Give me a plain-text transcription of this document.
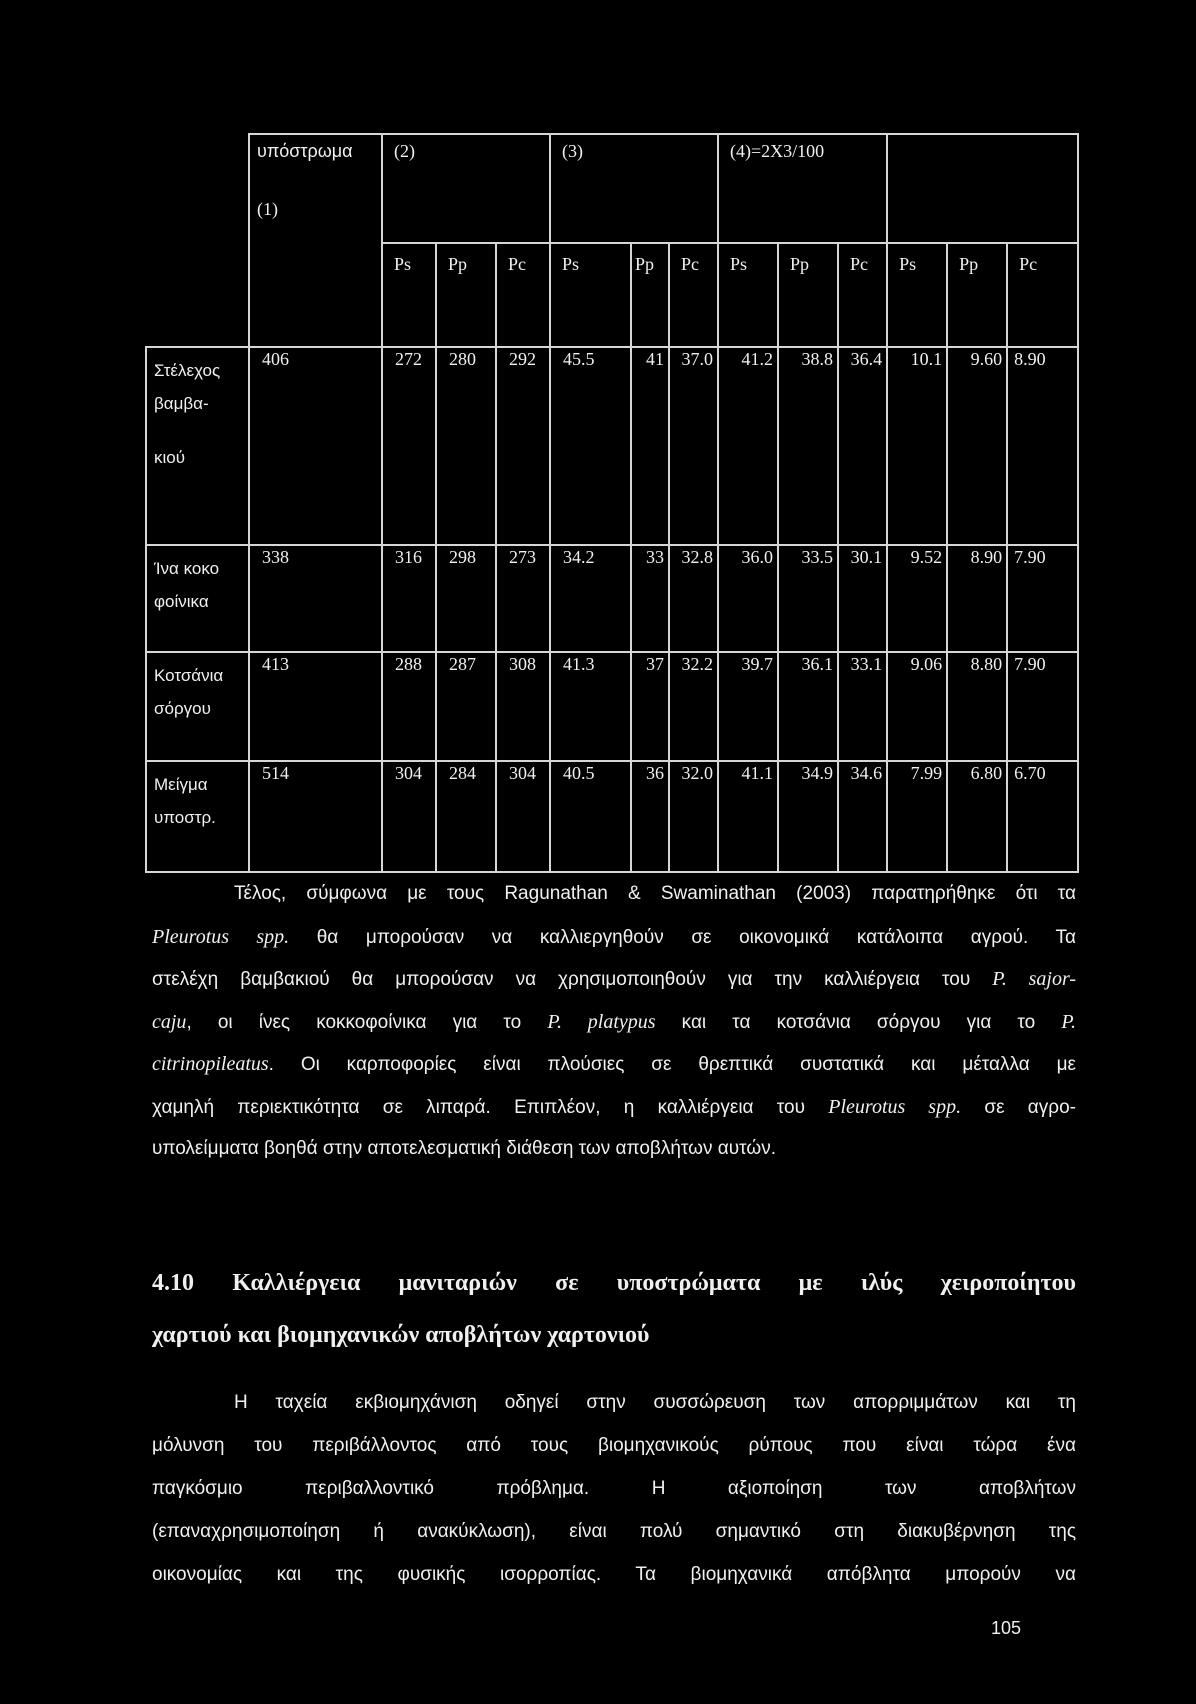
	υπόστρωμα
(1)	(2)			(3)			(4)=2X3/100					
		Ps	Pp	Pc	Ps	Pp	Pc	Ps	Pp	Pc	Ps	Pp	Pc

Στέλεχος
βαμβα-
κιού	406	272	280	292	45.5	41	37.0	41.2	38.8	36.4	10.1	9.60	8.90

Ίνα κοκο
φοίνικα	338	316	298	273	34.2	33	32.8	36.0	33.5	30.1	9.52	8.90	7.90

Κοτσάνια
σόργου	413	288	287	308	41.3	37	32.2	39.7	36.1	33.1	9.06	8.80	7.90

Μείγμα
υποστρ.	514	304	284	304	40.5	36	32.0	41.1	34.9	34.6	7.99	6.80	6.70
Τέλος, σύμφωνα με τους Ragunathan & Swaminathan (2003) παρατηρήθηκε ότι τα
Pleurotus spp. θα μπορούσαν να καλλιεργηθούν σε οικονομικά κατάλοιπα αγρού. Τα
στελέχη βαμβακιού θα μπορούσαν να χρησιμοποιηθούν για την καλλιέργεια του P. sajor-
caju, οι ίνες κοκκοφοίνικα για το P. platypus και τα κοτσάνια σόργου για το P.
citrinopileatus. Οι καρποφορίες είναι πλούσιες σε θρεπτικά συστατικά και μέταλλα με
χαμηλή περιεκτικότητα σε λιπαρά. Επιπλέον, η καλλιέργεια του Pleurotus spp. σε αγρο-
υπολείμματα βοηθά στην αποτελεσματική διάθεση των αποβλήτων αυτών.
4.10 Καλλιέργεια μανιταριών σε υποστρώματα με ιλύς χειροποίητου
χαρτιού και βιομηχανικών αποβλήτων χαρτονιού
Η ταχεία εκβιομηχάνιση οδηγεί στην συσσώρευση των απορριμμάτων και τη
μόλυνση του περιβάλλοντος από τους βιομηχανικούς ρύπους που είναι τώρα ένα
παγκόσμιο περιβαλλοντικό πρόβλημα. Η αξιοποίηση των αποβλήτων
(επαναχρησιμοποίηση ή ανακύκλωση), είναι πολύ σημαντικό στη διακυβέρνηση της
οικονομίας και της φυσικής ισορροπίας. Τα βιομηχανικά απόβλητα μπορούν να
105
